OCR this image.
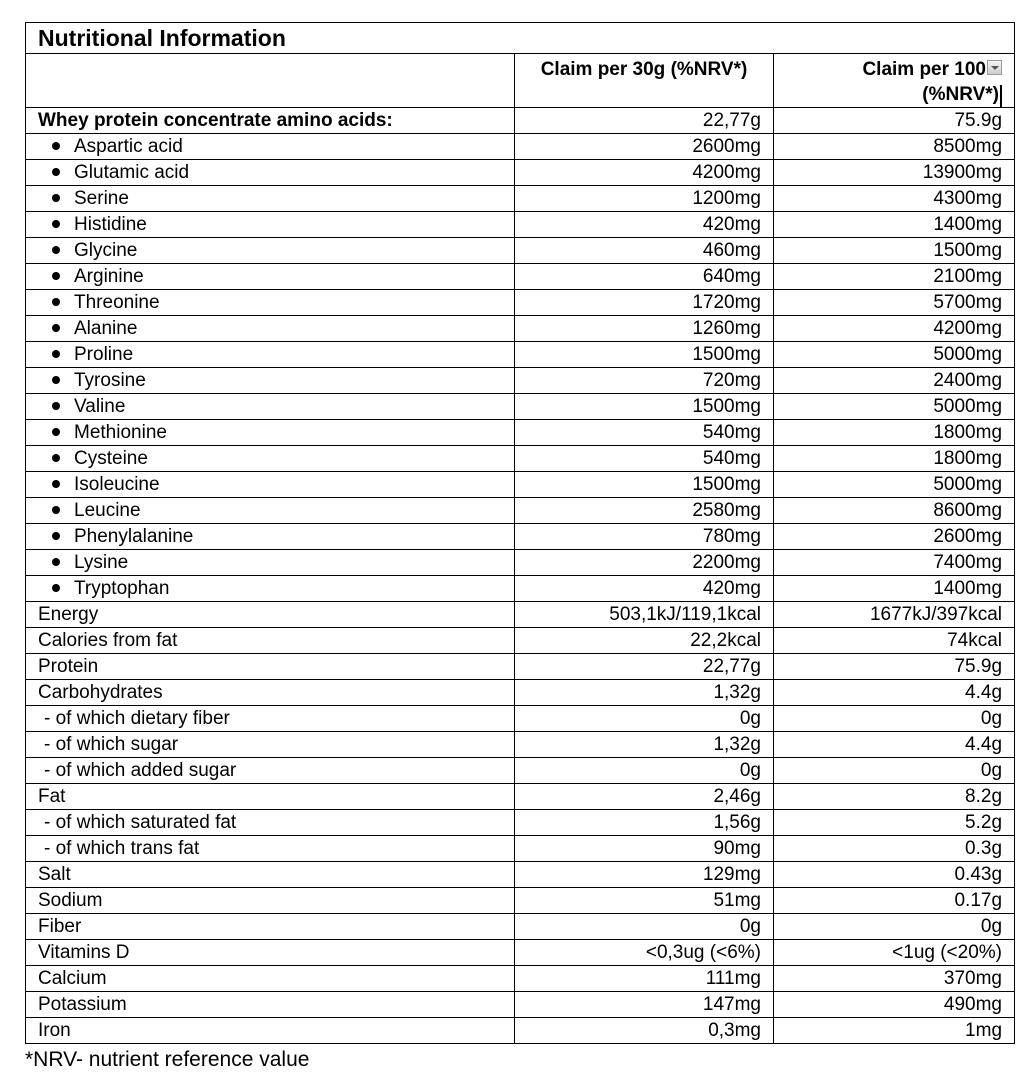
Nutritional Information		

	Claim per 30g (%NRV*)	Claim per 100
(%NRV*)

Whey protein concentrate amino acids:	22,77g	75.9g
Aspartic acid	2600mg	8500mg
Glutamic acid	4200mg	13900mg
Serine	1200mg	4300mg
Histidine	420mg	1400mg
Glycine	460mg	1500mg
Arginine	640mg	2100mg
Threonine	1720mg	5700mg
Alanine	1260mg	4200mg
Proline	1500mg	5000mg
Tyrosine	720mg	2400mg
Valine	1500mg	5000mg
Methionine	540mg	1800mg
Cysteine	540mg	1800mg
Isoleucine	1500mg	5000mg
Leucine	2580mg	8600mg
Phenylalanine	780mg	2600mg
Lysine	2200mg	7400mg
Tryptophan	420mg	1400mg
Energy	503,1kJ/119,1kcal	1677kJ/397kcal
Calories from fat	22,2kcal	74kcal
Protein	22,77g	75.9g
Carbohydrates	1,32g	4.4g
- of which dietary fiber	0g	0g
- of which sugar	1,32g	4.4g
- of which added sugar	0g	0g
Fat	2,46g	8.2g
- of which saturated fat	1,56g	5.2g
- of which trans fat	90mg	0.3g
Salt	129mg	0.43g
Sodium	51mg	0.17g
Fiber	0g	0g
Vitamins D	<0,3ug (<6%)	<1ug (<20%)
Calcium	111mg	370mg
Potassium	147mg	490mg
Iron	0,3mg	1mg
*NRV- nutrient reference value
